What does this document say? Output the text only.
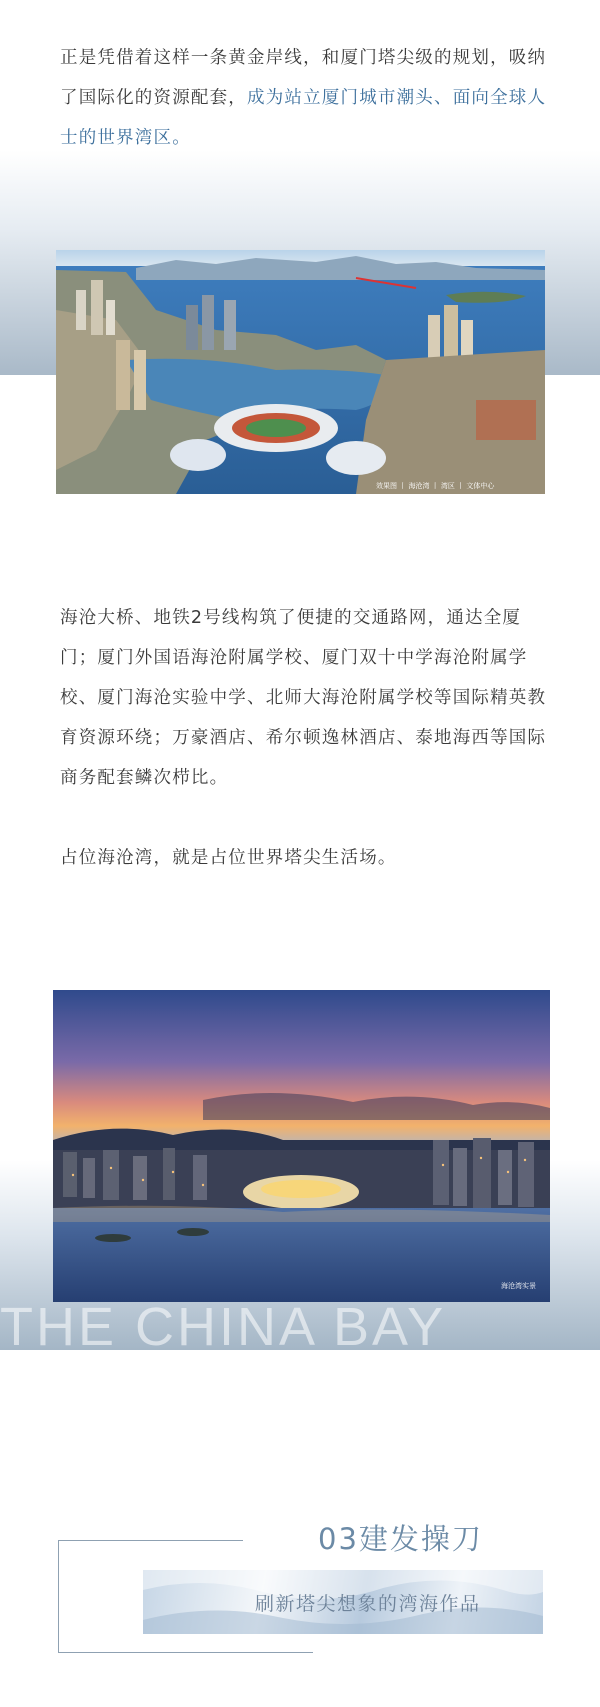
正是凭借着这样一条黄金岸线，和厦门塔尖级的规划，吸纳了国际化的资源配套，成为站立厦门城市潮头、面向全球人士的世界湾区。

效果图 丨 海沧湾 丨 湾区 丨 文体中心

海沧大桥、地铁2号线构筑了便捷的交通路网，通达全厦门；厦门外国语海沧附属学校、厦门双十中学海沧附属学校、厦门海沧实验中学、北师大海沧附属学校等国际精英教育资源环绕；万豪酒店、希尔顿逸林酒店、泰地海西等国际商务配套鳞次栉比。

占位海沧湾，就是占位世界塔尖生活场。

海沧湾实景
THE CHINA BAY
03建发操刀
刷新塔尖想象的湾海作品
